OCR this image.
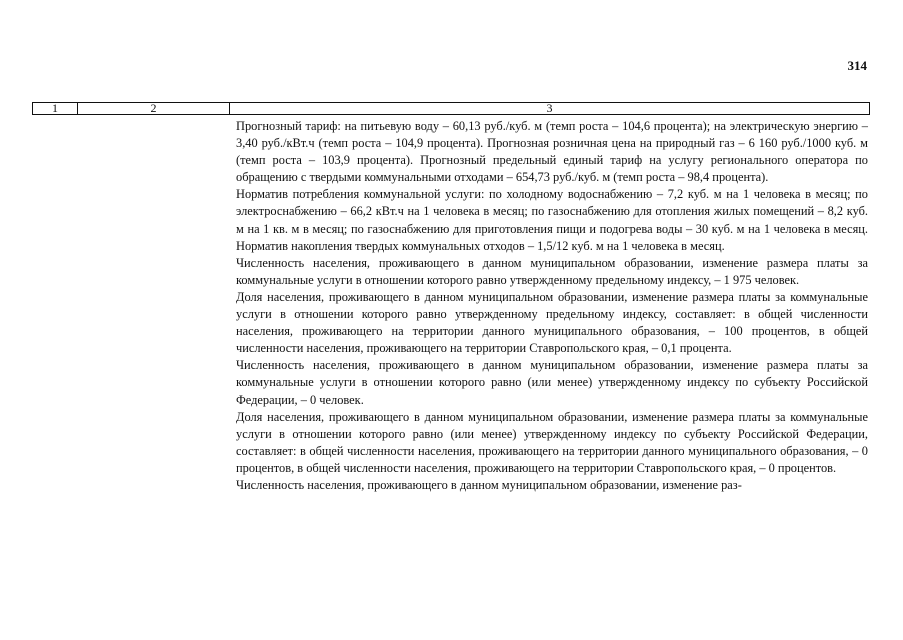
314
1	2	3

Прогнозный тариф: на питьевую воду – 60,13 руб./куб. м (темп роста – 104,6 процента); на электрическую энергию – 3,40 руб./кВт.ч (темп роста – 104,9 процента). Прогнозная розничная цена на природный газ – 6 160 руб./1000 куб. м (темп роста – 103,9 процента). Прогнозный предельный единый тариф на услугу регионального оператора по обращению с твердыми коммунальными отходами – 654,73 руб./куб. м (темп роста – 98,4 процента).

Норматив потребления коммунальной услуги: по холодному водоснабжению – 7,2 куб. м на 1 человека в месяц; по электроснабжению – 66,2 кВт.ч на 1 человека в месяц; по газоснабжению для отопления жилых помещений – 8,2 куб. м на 1 кв. м в месяц; по газоснабжению для приготовления пищи и подогрева воды – 30 куб. м на 1 человека в месяц. Норматив накопления твердых коммунальных отходов – 1,5/12 куб. м на 1 человека в месяц.

Численность населения, проживающего в данном муниципальном образовании, изменение размера платы за коммунальные услуги в отношении которого равно утвержденному предельному индексу, – 1 975 человек.

Доля населения, проживающего в данном муниципальном образовании, изменение размера платы за коммунальные услуги в отношении которого равно утвержденному предельному индексу, составляет: в общей численности населения, проживающего на территории данного муниципального образования, – 100 процентов, в общей численности населения, проживающего на территории Ставропольского края, – 0,1 процента.

Численность населения, проживающего в данном муниципальном образовании, изменение размера платы за коммунальные услуги в отношении которого равно (или менее) утвержденному индексу по субъекту Российской Федерации, – 0 человек.

Доля населения, проживающего в данном муниципальном образовании, изменение размера платы за коммунальные услуги в отношении которого равно (или менее) утвержденному индексу по субъекту Российской Федерации, составляет: в общей численности населения, проживающего на территории данного муниципального образования, – 0 процентов, в общей численности населения, проживающего на территории Ставропольского края, – 0 процентов.

Численность населения, проживающего в данном муниципальном образовании, изменение раз-
